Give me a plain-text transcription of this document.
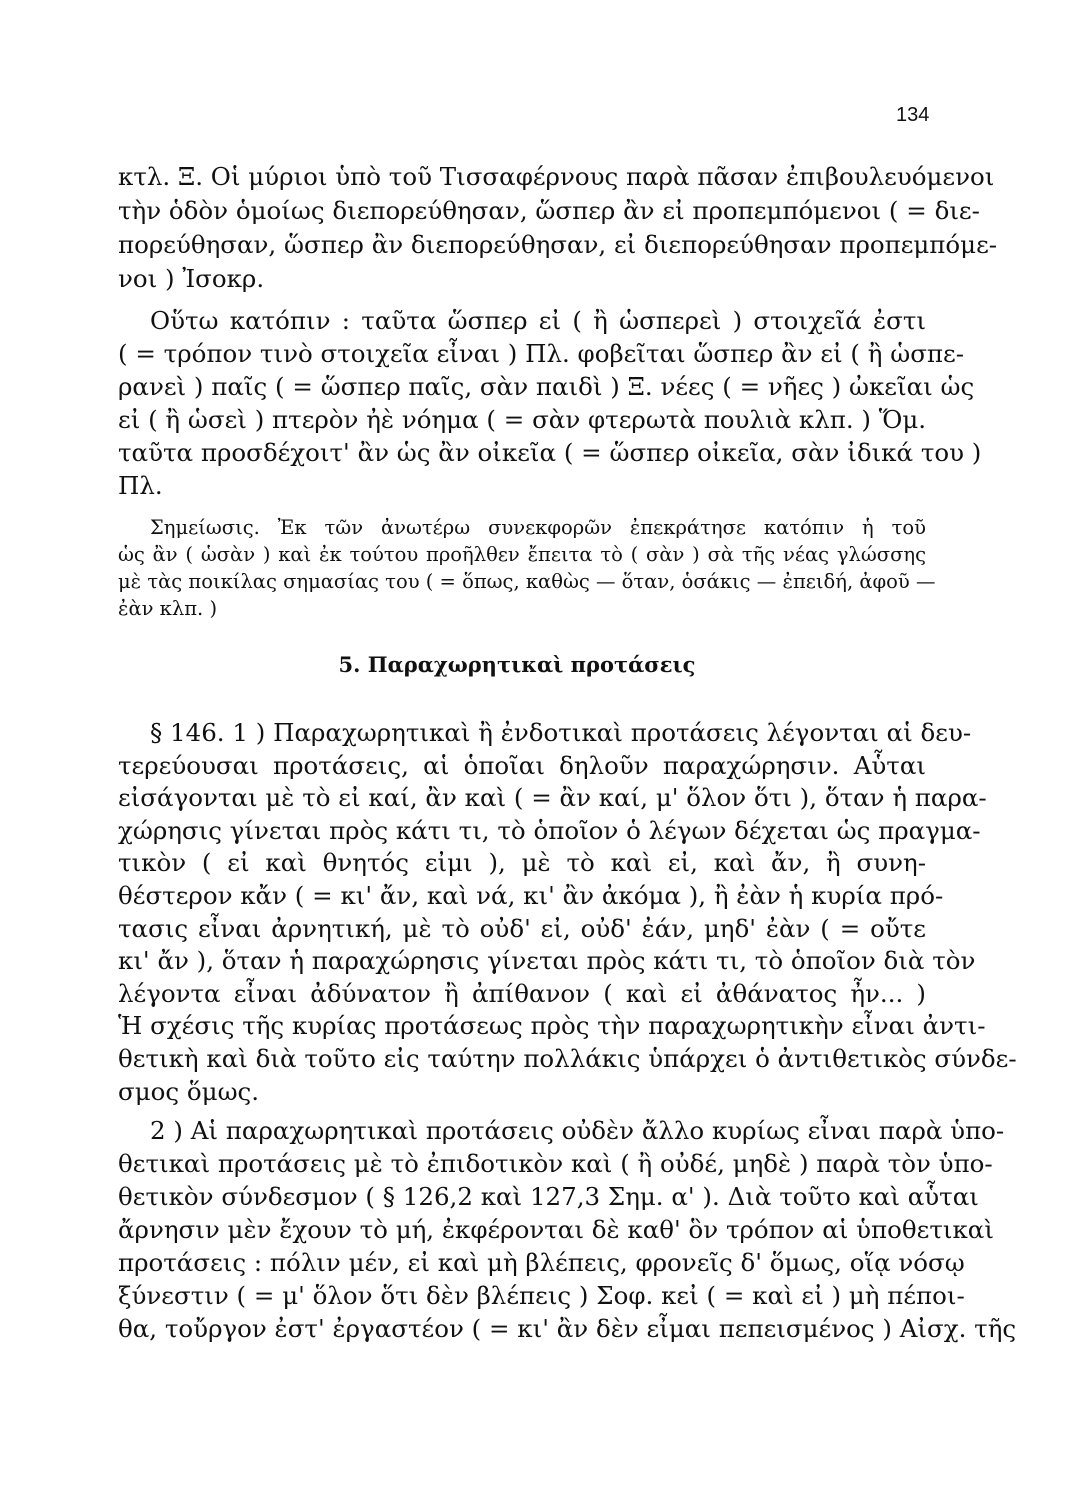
134
κτλ. Ξ. Οἱ μύριοι ὑπὸ τοῦ Τισσαφέρνους παρὰ πᾶσαν ἐπιβουλευόμενοι
τὴν ὁδὸν ὁμοίως διεπορεύθησαν, ὥσπερ ἂν εἰ προπεμπόμενοι ( = διε-
πορεύθησαν, ὥσπερ ἂν διεπορεύθησαν, εἰ διεπορεύθησαν προπεμπόμε-
νοι ) Ἰσοκρ.
Οὕτω κατόπιν : ταῦτα ὥσπερ εἰ ( ἢ ὡσπερεὶ ) στοιχεῖά ἐστι
( = τρόπον τινὸ στοιχεῖα εἶναι ) Πλ. φοβεῖται ὥσπερ ἂν εἰ ( ἢ ὡσπε-
ρανεὶ ) παῖς ( = ὥσπερ παῖς, σὰν παιδὶ ) Ξ. νέες ( = νῆες ) ὠκεῖαι ὡς
εἰ ( ἢ ὡσεὶ ) πτερὸν ἠὲ νόημα ( = σὰν φτερωτὰ πουλιὰ κλπ. ) Ὅμ.
ταῦτα προσδέχοιτ' ἂν ὡς ἂν οἰκεῖα ( = ὥσπερ οἰκεῖα, σὰν ἰδικά του )
Πλ.
Σημείωσις. Ἐκ τῶν ἀνωτέρω συνεκφορῶν ἐπεκράτησε κατόπιν ἡ τοῦ
ὡς ἂν ( ὡσὰν ) καὶ ἐκ τούτου προῆλθεν ἔπειτα τὸ ( σὰν ) σὰ τῆς νέας γλώσσης
μὲ τὰς ποικίλας σημασίας του ( = ὅπως, καθὼς — ὅταν, ὁσάκις — ἐπειδή, ἀφοῦ —
ἐὰν κλπ. )
5. Παραχωρητικαὶ προτάσεις
§ 146. 1 ) Παραχωρητικαὶ ἢ ἐνδοτικαὶ προτάσεις λέγονται αἱ δευ-
τερεύουσαι προτάσεις, αἱ ὁποῖαι δηλοῦν παραχώρησιν. Αὗται
εἰσάγονται μὲ τὸ εἰ καί, ἂν καὶ ( = ἂν καί, μ' ὅλον ὅτι ), ὅταν ἡ παρα-
χώρησις γίνεται πρὸς κάτι τι, τὸ ὁποῖον ὁ λέγων δέχεται ὡς πραγμα-
τικὸν ( εἰ καὶ θνητός εἰμι ), μὲ τὸ καὶ εἰ, καὶ ἄν, ἢ συνη-
θέστερον κἄν ( = κι' ἄν, καὶ νά, κι' ἂν ἀκόμα ), ἢ ἐὰν ἡ κυρία πρό-
τασις εἶναι ἀρνητική, μὲ τὸ οὐδ' εἰ, οὐδ' ἐάν, μηδ' ἐὰν ( = οὔτε
κι' ἄν ), ὅταν ἡ παραχώρησις γίνεται πρὸς κάτι τι, τὸ ὁποῖον διὰ τὸν
λέγοντα εἶναι ἀδύνατον ἢ ἀπίθανον ( καὶ εἰ ἀθάνατος ἦν... )
Ἡ σχέσις τῆς κυρίας προτάσεως πρὸς τὴν παραχωρητικὴν εἶναι ἀντι-
θετικὴ καὶ διὰ τοῦτο εἰς ταύτην πολλάκις ὑπάρχει ὁ ἀντιθετικὸς σύνδε-
σμος ὅμως.
2 ) Αἱ παραχωρητικαὶ προτάσεις οὐδὲν ἄλλο κυρίως εἶναι παρὰ ὑπο-
θετικαὶ προτάσεις μὲ τὸ ἐπιδοτικὸν καὶ ( ἢ οὐδέ, μηδὲ ) παρὰ τὸν ὑπο-
θετικὸν σύνδεσμον ( § 126,2 καὶ 127,3 Σημ. α' ). Διὰ τοῦτο καὶ αὗται
ἄρνησιν μὲν ἔχουν τὸ μή, ἐκφέρονται δὲ καθ' ὃν τρόπον αἱ ὑποθετικαὶ
προτάσεις : πόλιν μέν, εἰ καὶ μὴ βλέπεις, φρονεῖς δ' ὅμως, οἵᾳ νόσῳ
ξύνεστιν ( = μ' ὅλον ὅτι δὲν βλέπεις ) Σοφ. κεἰ ( = καὶ εἰ ) μὴ πέποι-
θα, τοὔργον ἐστ' ἐργαστέον ( = κι' ἂν δὲν εἶμαι πεπεισμένος ) Αἰσχ. τῆς
